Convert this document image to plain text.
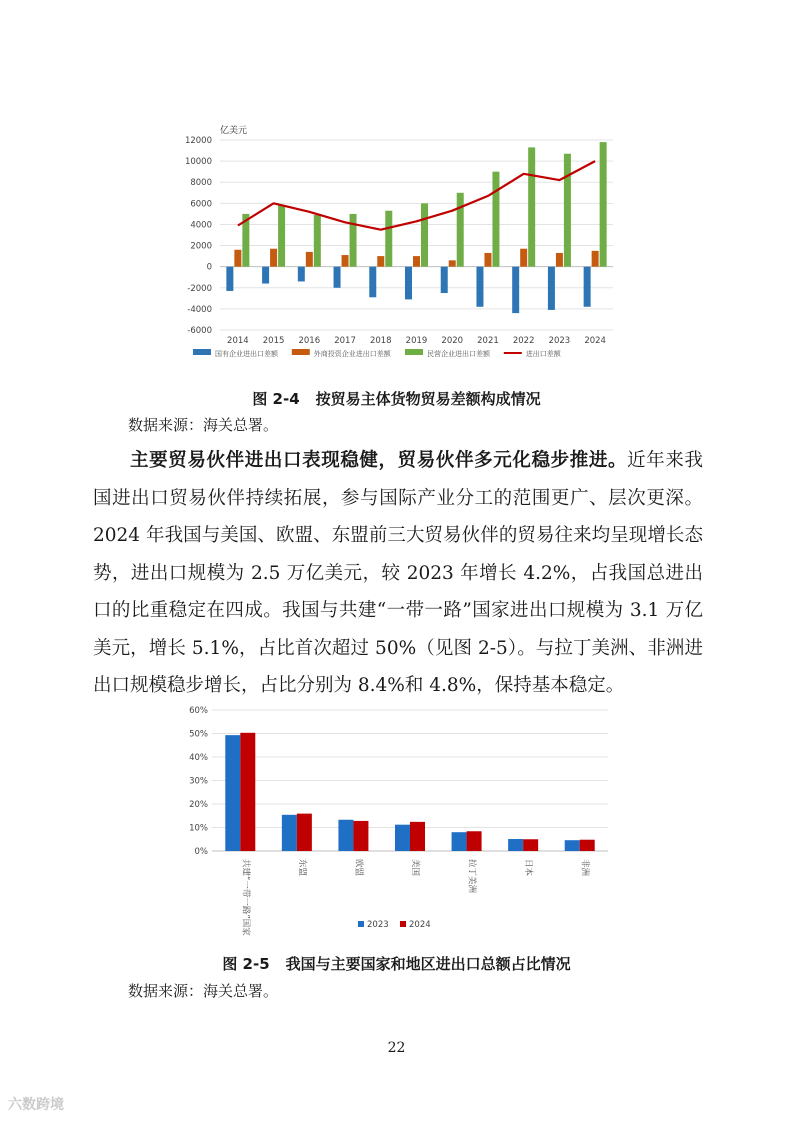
亿美元
-6000
-4000
-2000
0
2000
4000
6000
8000
10000
12000
2014 2015 2016 2017 2018 2019 2020 2021 2022 2023 2024
国有企业进出口差额	外商投资企业进出口差额	民营企业进出口差额	进出口差额
图 2-4 按贸易主体货物贸易差额构成情况
数据来源：海关总署。

主要贸易伙伴进出口表现稳健，贸易伙伴多元化稳步推进。近年来我国进出口贸易伙伴持续拓展，参与国际产业分工的范围更广、层次更深。2024 年我国与美国、欧盟、东盟前三大贸易伙伴的贸易往来均呈现增长态势，进出口规模为 2.5 万亿美元，较 2023 年增长 4.2%，占我国总进出口的比重稳定在四成。我国与共建“一带一路”国家进出口规模为 3.1 万亿美元，增长 5.1%，占比首次超过 50%（见图 2-5）。与拉丁美洲、非洲进出口规模稳步增长，占比分别为 8.4%和 4.8%，保持基本稳定。

0%
10%
20%
30%
40%
50%
60%
共建“一带一路”国家	东盟	欧盟	美国	拉丁美洲	日本	非洲
2023 2024
图 2-5 我国与主要国家和地区进出口总额占比情况
数据来源：海关总署。
22
六数跨境
